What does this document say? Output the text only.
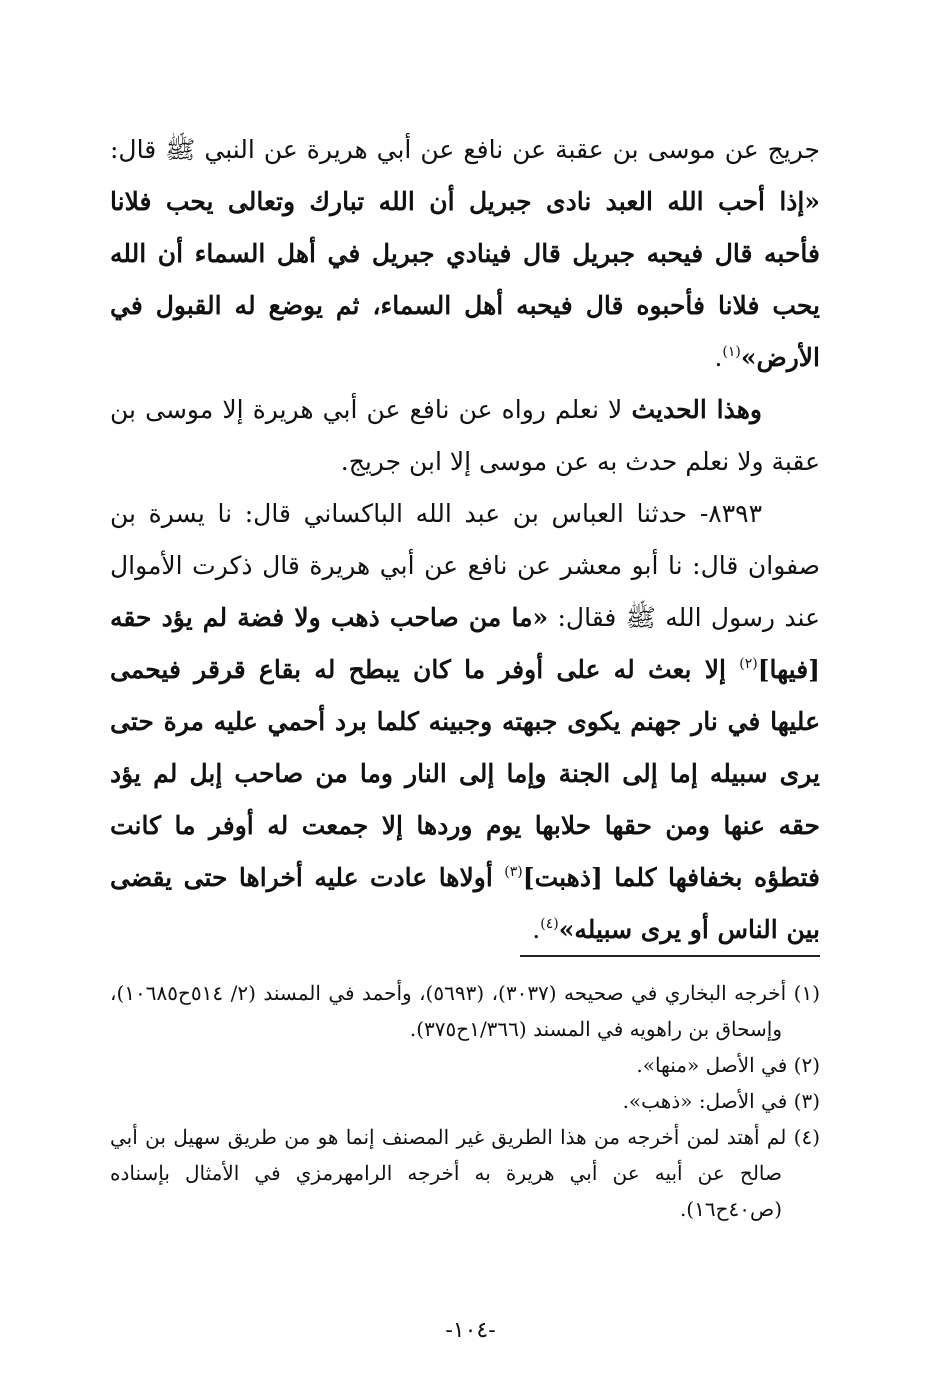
جريج عن موسى بن عقبة عن نافع عن أبي هريرة عن النبي ﷺ قال: «إذا أحب الله العبد نادى جبريل أن الله تبارك وتعالى يحب فلانا فأحبه قال فيحبه جبريل قال فينادي جبريل في أهل السماء أن الله يحب فلانا فأحبوه قال فيحبه أهل السماء، ثم يوضع له القبول في الأرض»$^{(١)}$.

وهذا الحديث لا نعلم رواه عن نافع عن أبي هريرة إلا موسى بن عقبة ولا نعلم حدث به عن موسى إلا ابن جريج.

٨٣٩٣- حدثنا العباس بن عبد الله الباكساني قال: نا يسرة بن صفوان قال: نا أبو معشر عن نافع عن أبي هريرة قال ذكرت الأموال عند رسول الله ﷺ فقال: «ما من صاحب ذهب ولا فضة لم يؤد حقه [فيها]$^{(٢)}$ إلا بعث له على أوفر ما كان يبطح له بقاع قرقر فيحمى عليها في نار جهنم يكوى جبهته وجبينه كلما برد أحمي عليه مرة حتى يرى سبيله إما إلى الجنة وإما إلى النار وما من صاحب إبل لم يؤد حقه عنها ومن حقها حلابها يوم وردها إلا جمعت له أوفر ما كانت فتطؤه بخفافها كلما [ذهبت]$^{(٣)}$ أولاها عادت عليه أخراها حتى يقضى بين الناس أو يرى سبيله»$^{(٤)}$.

(١) أخرجه البخاري في صحيحه (٣٠٣٧)، (٥٦٩٣)، وأحمد في المسند (٢/ ٥١٤ح١٠٦٨٥)، وإسحاق بن راهويه في المسند (١/٣٦٦ح٣٧٥).

(٢) في الأصل «منها».

(٣) في الأصل: «ذهب».

(٤) لم أهتد لمن أخرجه من هذا الطريق غير المصنف إنما هو من طريق سهيل بن أبي صالح عن أبيه عن أبي هريرة به أخرجه الرامهرمزي في الأمثال بإسناده (ص٤٠ح١٦).

-١٠٤-
